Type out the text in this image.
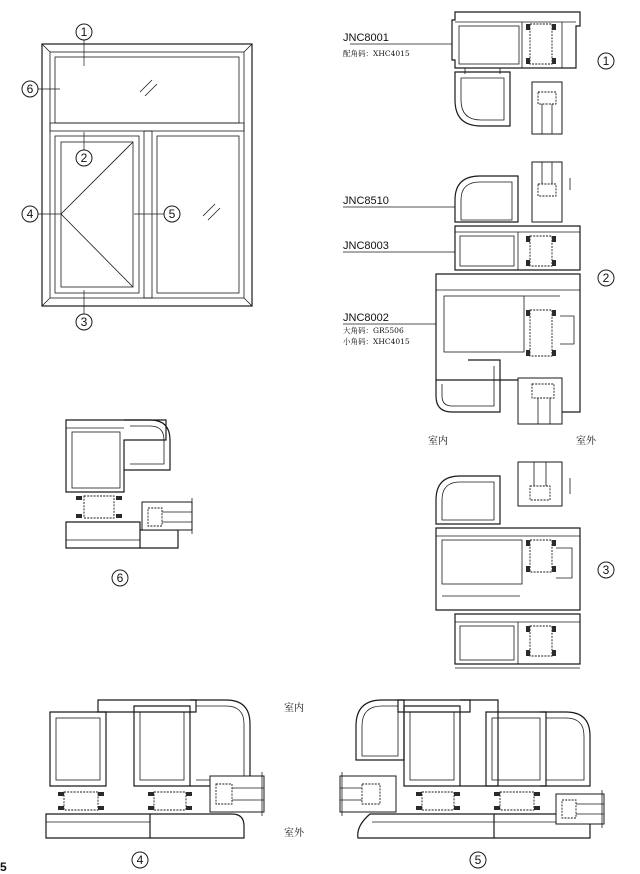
1
6
2
4	5
3
JNC8001
配角码：XHC4015
1
JNC8510
JNC8003
JNC8002
大角码：GR5506
小角码：XHC4015
室内	室外
2
3
6
室内
室外
4	5
5
